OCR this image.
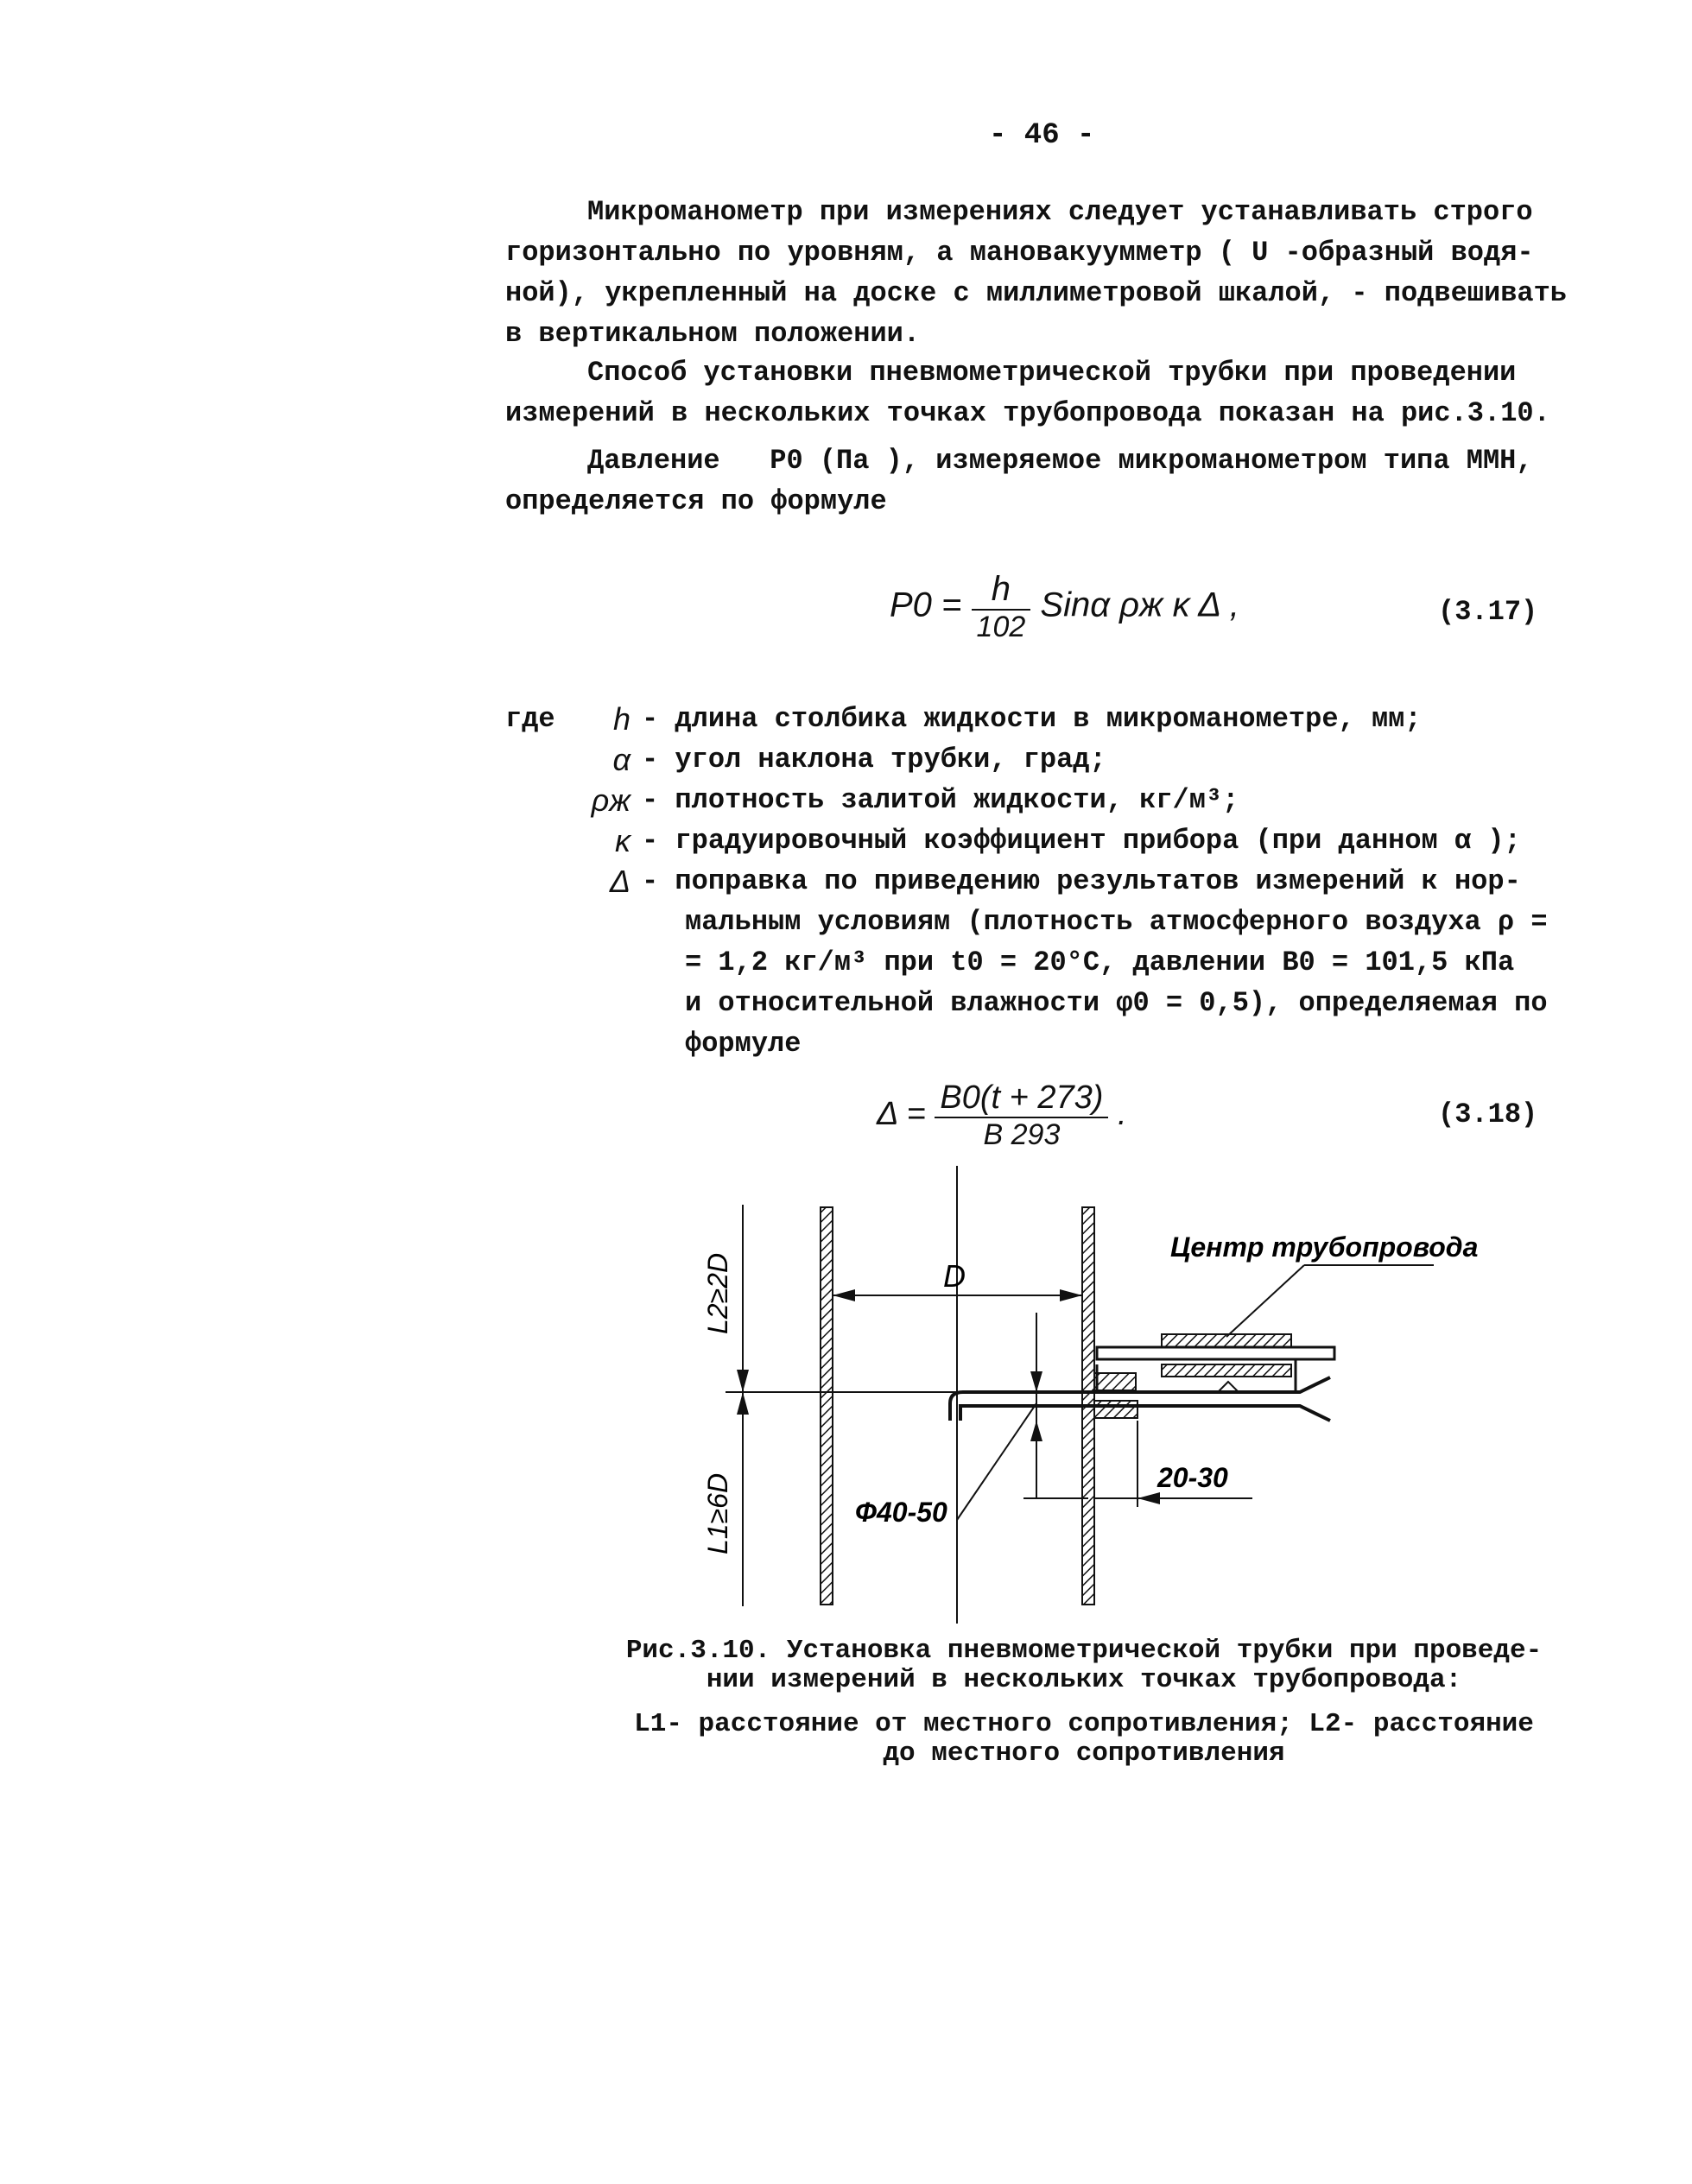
- 46 -
Микроманометр при измерениях следует устанавливать строго
горизонтально по уровням, а мановакуумметр ( U -образный водя-
ной), укрепленный на доске с миллиметровой шкалой, - подвешивать
в вертикальном положении.
Способ установки пневмометрической трубки при проведении
измерений в нескольких точках трубопровода показан на рис.3.10.
Давление   P0 (Па ), измеряемое микроманометром типа ММН,
определяется по формуле
$P0 = \frac{h}{102}$ Sinα ρж κ Δ ,	(3.17)
где	h - длина столбика жидкости в микроманометре, мм;
α - угол наклона трубки, град;
ρж - плотность залитой жидкости, кг/м³;
κ - градуировочный коэффициент прибора (при данном α );
Δ - поправка по приведению результатов измерений к нор-
мальным условиям (плотность атмосферного воздуха ρ =
= 1,2 кг/м³ при t0 = 20°С, давлении B0 = 101,5 кПа
и относительной влажности φ0 = 0,5), определяемая по
формуле
$\Delta = \frac{B0(t + 273)}{B 293}$ .	(3.18)
D
L2≥2D
L1≥6D
Центр трубопровода
Ф40-50
20-30
Рис.3.10. Установка пневмометрической трубки при проведе-
нии измерений в нескольких точках трубопровода:
L1- расстояние от местного сопротивления; L2- расстояние
до местного сопротивления
